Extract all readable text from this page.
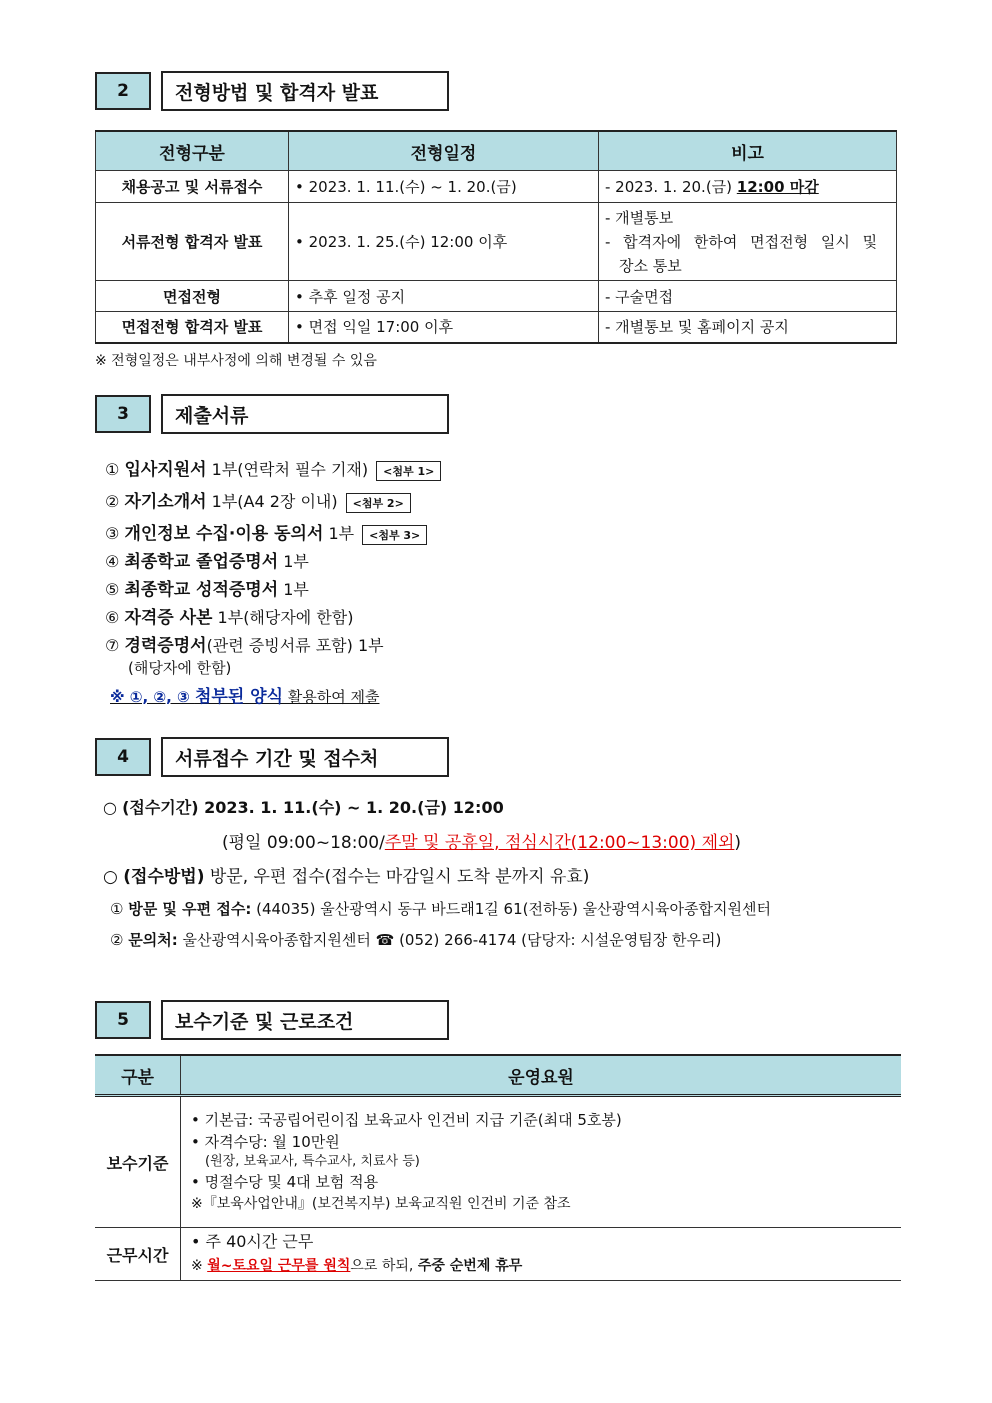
2	전형방법 및 합격자 발표
전형구분	전형일정	비고
채용공고 및 서류접수	• 2023. 1. 11.(수) ~ 1. 20.(금)	- 2023. 1. 20.(금) 12:00 마감
서류전형 합격자 발표	• 2023. 1. 25.(수) 12:00 이후	- 개별통보
- 합격자에 한하여 면접전형 일시 및
장소 통보

면접전형	• 추후 일정 공지	- 구술면접
면접전형 합격자 발표	• 면접 익일 17:00 이후	- 개별통보 및 홈페이지 공지
※ 전형일정은 내부사정에 의해 변경될 수 있음
3	제출서류
① 입사지원서 1부(연락처 필수 기재) <첨부 1>
② 자기소개서 1부(A4 2장 이내) <첨부 2>
③ 개인정보 수집·이용 동의서 1부 <첨부 3>
④ 최종학교 졸업증명서 1부
⑤ 최종학교 성적증명서 1부
⑥ 자격증 사본 1부(해당자에 한함)
⑦ 경력증명서(관련 증빙서류 포함) 1부
(해당자에 한함)
※ ①, ②, ③ 첨부된 양식 활용하여 제출
4	서류접수 기간 및 접수처
○ (접수기간) 2023. 1. 11.(수) ~ 1. 20.(금) 12:00
(평일 09:00~18:00/주말 및 공휴일, 점심시간(12:00~13:00) 제외)
○ (접수방법) 방문, 우편 접수(접수는 마감일시 도착 분까지 유효)
① 방문 및 우편 접수: (44035) 울산광역시 동구 바드래1길 61(전하동) 울산광역시육아종합지원센터
② 문의처: 울산광역시육아종합지원센터 ☎ (052) 266-4174 (담당자: 시설운영팀장 한우리)
5	보수기준 및 근로조건
구분	운영요원
보수기준	• 기본급: 국공립어린이집 보육교사 인건비 지급 기준(최대 5호봉)
• 자격수당: 월 10만원
(원장, 보육교사, 특수교사, 치료사 등)
• 명절수당 및 4대 보험 적용
※『보육사업안내』(보건복지부) 보육교직원 인건비 기준 참조

근무시간	• 주 40시간 근무
※ 월~토요일 근무를 원칙으로 하되, 주중 순번제 휴무
